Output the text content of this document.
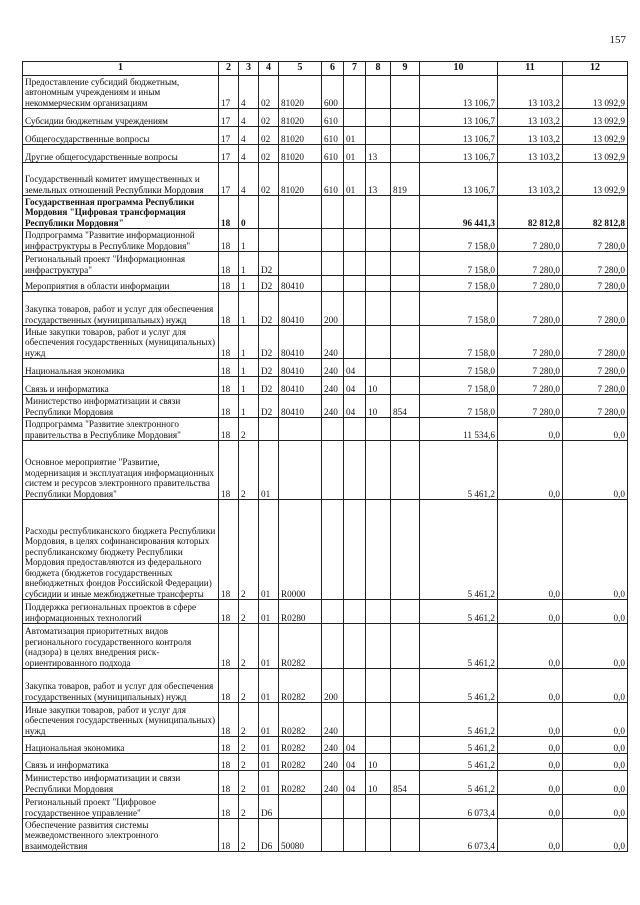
157
1	2	3	4	5	6	7	8	9	10	11	12
Предоставление субсидий бюджетным, автономным учреждениям и иным некоммерческим организациям	17	4	02	81020	600				13 106,7	13 103,2	13 092,9
Субсидии бюджетным учреждениям	17	4	02	81020	610				13 106,7	13 103,2	13 092,9
Общегосударственные вопросы	17	4	02	81020	610	01			13 106,7	13 103,2	13 092,9
Другие общегосударственные вопросы	17	4	02	81020	610	01	13		13 106,7	13 103,2	13 092,9
Государственный комитет имущественных и земельных отношений Республики Мордовия	17	4	02	81020	610	01	13	819	13 106,7	13 103,2	13 092,9
Государственная программа Республики Мордовия "Цифровая трансформация Республики Мордовия"	18	0							96 441,3	82 812,8	82 812,8
Подпрограмма "Развитие информационной инфраструктуры в Республике Мордовия"	18	1							7 158,0	7 280,0	7 280,0
Региональный проект "Информационная инфраструктура"	18	1	D2						7 158,0	7 280,0	7 280,0
Мероприятия в области информации	18	1	D2	80410					7 158,0	7 280,0	7 280,0
Закупка товаров, работ и услуг для обеспечения государственных (муниципальных) нужд	18	1	D2	80410	200				7 158,0	7 280,0	7 280,0
Иные закупки товаров, работ и услуг для обеспечения государственных (муниципальных) нужд	18	1	D2	80410	240				7 158,0	7 280,0	7 280,0
Национальная экономика	18	1	D2	80410	240	04			7 158,0	7 280,0	7 280,0
Связь и информатика	18	1	D2	80410	240	04	10		7 158,0	7 280,0	7 280,0
Министерство информатизации и связи Республики Мордовия	18	1	D2	80410	240	04	10	854	7 158,0	7 280,0	7 280,0
Подпрограмма "Развитие электронного правительства в Республике Мордовия"	18	2							11 534,6	0,0	0,0
Основное мероприятие "Развитие, модернизация и эксплуатация информационных систем и ресурсов электронного правительства Республики Мордовия"	18	2	01						5 461,2	0,0	0,0
Расходы республиканского бюджета Республики Мордовия, в целях софинансирования которых республиканскому бюджету Республики Мордовия предоставляются из федерального бюджета (бюджетов государственных внебюджетных фондов Российской Федерации) субсидии и иные межбюджетные трансферты	18	2	01	R0000					5 461,2	0,0	0,0
Поддержка региональных проектов в сфере информационных технологий	18	2	01	R0280					5 461,2	0,0	0,0
Автоматизация приоритетных видов регионального государственного контроля (надзора) в целях внедрения риск-ориентированного подхода	18	2	01	R0282					5 461,2	0,0	0,0
Закупка товаров, работ и услуг для обеспечения государственных (муниципальных) нужд	18	2	01	R0282	200				5 461,2	0,0	0,0
Иные закупки товаров, работ и услуг для обеспечения государственных (муниципальных) нужд	18	2	01	R0282	240				5 461,2	0,0	0,0
Национальная экономика	18	2	01	R0282	240	04			5 461,2	0,0	0,0
Связь и информатика	18	2	01	R0282	240	04	10		5 461,2	0,0	0,0
Министерство информатизации и связи Республики Мордовия	18	2	01	R0282	240	04	10	854	5 461,2	0,0	0,0
Региональный проект "Цифровое государственное управление"	18	2	D6						6 073,4	0,0	0,0
Обеспечение развития системы межведомственного электронного взаимодействия	18	2	D6	50080					6 073,4	0,0	0,0
